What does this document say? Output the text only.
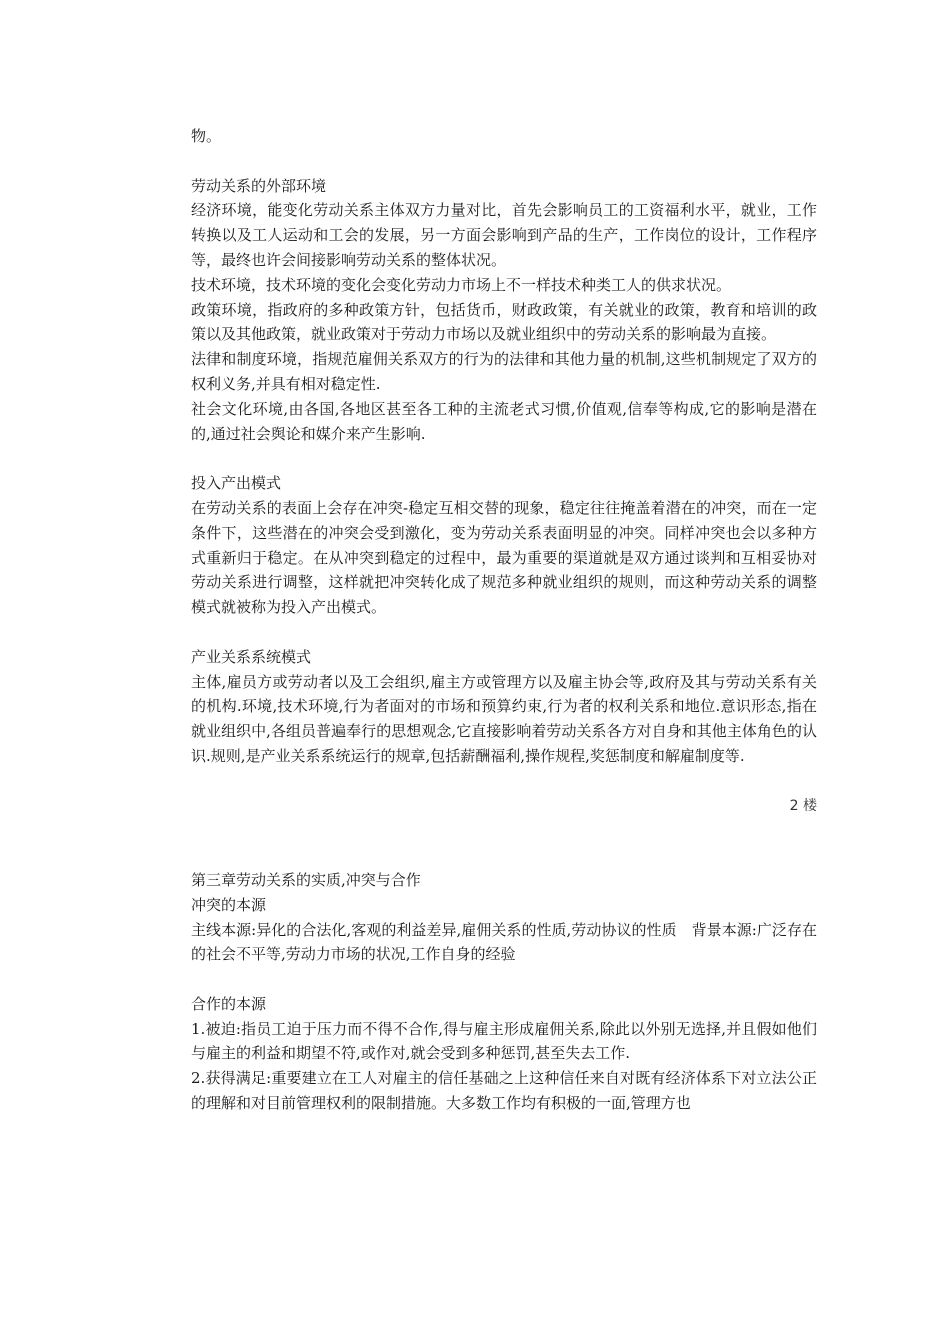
物。

劳动关系的外部环境

经济环境，能变化劳动关系主体双方力量对比，首先会影响员工的工资福利水平，就业，工作转换以及工人运动和工会的发展，另一方面会影响到产品的生产，工作岗位的设计，工作程序等，最终也许会间接影响劳动关系的整体状况。

技术环境，技术环境的变化会变化劳动力市场上不一样技术种类工人的供求状况。

政策环境，指政府的多种政策方针，包括货币，财政政策，有关就业的政策，教育和培训的政策以及其他政策，就业政策对于劳动力市场以及就业组织中的劳动关系的影响最为直接。

法律和制度环境，指规范雇佣关系双方的行为的法律和其他力量的机制,这些机制规定了双方的权利义务,并具有相对稳定性.

社会文化环境,由各国,各地区甚至各工种的主流老式习惯,价值观,信奉等构成,它的影响是潜在的,通过社会舆论和媒介来产生影响.

投入产出模式

在劳动关系的表面上会存在冲突-稳定互相交替的现象，稳定往往掩盖着潜在的冲突，而在一定条件下，这些潜在的冲突会受到激化，变为劳动关系表面明显的冲突。同样冲突也会以多种方式重新归于稳定。在从冲突到稳定的过程中，最为重要的渠道就是双方通过谈判和互相妥协对劳动关系进行调整，这样就把冲突转化成了规范多种就业组织的规则，而这种劳动关系的调整模式就被称为投入产出模式。

产业关系系统模式

主体,雇员方或劳动者以及工会组织,雇主方或管理方以及雇主协会等,政府及其与劳动关系有关的机构.环境,技术环境,行为者面对的市场和预算约束,行为者的权利关系和地位.意识形态,指在就业组织中,各组员普遍奉行的思想观念,它直接影响着劳动关系各方对自身和其他主体角色的认识.规则,是产业关系系统运行的规章,包括薪酬福利,操作规程,奖惩制度和解雇制度等.

2 楼

第三章劳动关系的实质,冲突与合作

冲突的本源

主线本源:异化的合法化,客观的利益差异,雇佣关系的性质,劳动协议的性质　背景本源:广泛存在的社会不平等,劳动力市场的状况,工作自身的经验

合作的本源

1.被迫:指员工迫于压力而不得不合作,得与雇主形成雇佣关系,除此以外别无选择,并且假如他们与雇主的利益和期望不符,或作对,就会受到多种惩罚,甚至失去工作.

2.获得满足:重要建立在工人对雇主的信任基础之上这种信任来自对既有经济体系下对立法公正的理解和对目前管理权利的限制措施。大多数工作均有积极的一面,管理方也
